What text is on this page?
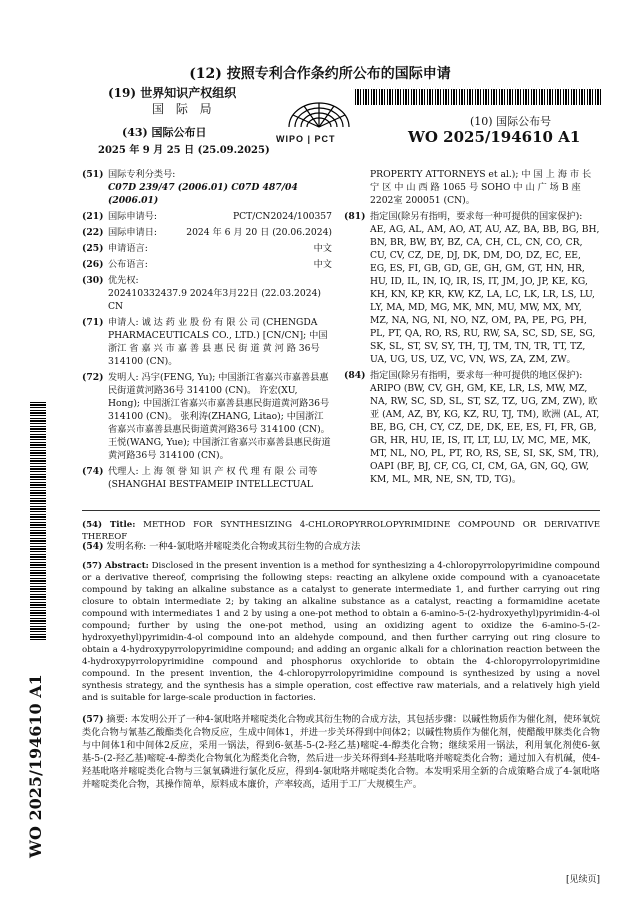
(12) 按照专利合作条约所公布的国际申请
(19) 世界知识产权组织
国 际 局
(43) 国际公布日
2025 年 9 月 25 日 (25.09.2025)
WIPO | PCT
(10) 国际公布号
WO 2025/194610 A1
WO 2025/194610 A1
(51) 国际专利分类号:
C07D 239/47 (2006.01) C07D 487/04 (2006.01)
(21) 国际申请号:	PCT/CN2024/100357
(22) 国际申请日:	2024 年 6 月 20 日 (20.06.2024)
(25) 申请语言:	中文
(26) 公布语言:	中文
(30) 优先权:
202410332437.9 2024年3月22日 (22.03.2024) CN
(71) 申请人: 诚 达 药 业 股 份 有 限 公 司 (CHENGDA PHARMACEUTICALS CO., LTD.) [CN/CN]; 中国浙江 省 嘉 兴 市 嘉 善 县 惠 民 街 道 黄 河 路 36号 314100 (CN)。
(72) 发明人: 冯宇(FENG, Yu); 中国浙江省嘉兴市嘉善县惠民街道黄河路36号 314100 (CN)。 许宏(XU, Hong); 中国浙江省嘉兴市嘉善县惠民街道黄河路36号 314100 (CN)。 张利涛(ZHANG, Litao); 中国浙江省嘉兴市嘉善县惠民街道黄河路36号 314100 (CN)。 王悦(WANG, Yue); 中国浙江省嘉兴市嘉善县惠民街道黄河路36号 314100 (CN)。
(74) 代理人: 上 海 领 誉 知 识 产 权 代 理 有 限 公 司等 (SHANGHAI BESTFAMEIP INTELLECTUAL
PROPERTY ATTORNEYS et al.); 中 国 上 海 市 长 宁 区 中 山 西 路 1065 号 SOHO 中 山 广 场 B 座2202室 200051 (CN)。
(81) 指定国(除另有指明，要求每一种可提供的国家保护): AE, AG, AL, AM, AO, AT, AU, AZ, BA, BB, BG, BH, BN, BR, BW, BY, BZ, CA, CH, CL, CN, CO, CR, CU, CV, CZ, DE, DJ, DK, DM, DO, DZ, EC, EE, EG, ES, FI, GB, GD, GE, GH, GM, GT, HN, HR, HU, ID, IL, IN, IQ, IR, IS, IT, JM, JO, JP, KE, KG, KH, KN, KP, KR, KW, KZ, LA, LC, LK, LR, LS, LU, LY, MA, MD, MG, MK, MN, MU, MW, MX, MY, MZ, NA, NG, NI, NO, NZ, OM, PA, PE, PG, PH, PL, PT, QA, RO, RS, RU, RW, SA, SC, SD, SE, SG, SK, SL, ST, SV, SY, TH, TJ, TM, TN, TR, TT, TZ, UA, UG, US, UZ, VC, VN, WS, ZA, ZM, ZW。
(84) 指定国(除另有指明，要求每一种可提供的地区保护): ARIPO (BW, CV, GH, GM, KE, LR, LS, MW, MZ, NA, RW, SC, SD, SL, ST, SZ, TZ, UG, ZM, ZW), 欧亚 (AM, AZ, BY, KG, KZ, RU, TJ, TM), 欧洲 (AL, AT, BE, BG, CH, CY, CZ, DE, DK, EE, ES, FI, FR, GB, GR, HR, HU, IE, IS, IT, LT, LU, LV, MC, ME, MK, MT, NL, NO, PL, PT, RO, RS, SE, SI, SK, SM, TR), OAPI (BF, BJ, CF, CG, CI, CM, GA, GN, GQ, GW, KM, ML, MR, NE, SN, TD, TG)。
(54) Title: METHOD FOR SYNTHESIZING 4-CHLOROPYRROLOPYRIMIDINE COMPOUND OR DERIVATIVE THEREOF
(54) 发明名称: 一种4-氯吡咯并嘧啶类化合物或其衍生物的合成方法
(57) Abstract: Disclosed in the present invention is a method for synthesizing a 4-chloropyrrolopyrimidine compound or a derivative thereof, comprising the following steps: reacting an alkylene oxide compound with a cyanoacetate compound by taking an alkaline substance as a catalyst to generate intermediate 1, and further carrying out ring closure to obtain intermediate 2; by taking an alkaline substance as a catalyst, reacting a formamidine acetate compound with intermediates 1 and 2 by using a one-pot method to obtain a 6-amino-5-(2-hydroxyethyl)pyrimidin-4-ol compound; further by using the one-pot method, using an oxidizing agent to oxidize the 6-amino-5-(2-hydroxyethyl)pyrimidin-4-ol compound into an aldehyde compound, and then further carrying out ring closure to obtain a 4-hydroxypyrrolopyrimidine compound; and adding an organic alkali for a chlorination reaction between the 4-hydroxypyrrolopyrimidine compound and phosphorus oxychloride to obtain the 4-chloropyrrolopyrimidine compound. In the present invention, the 4-chloropyrrolopyrimidine compound is synthesized by using a novel synthesis strategy, and the synthesis has a simple operation, cost effective raw materials, and a relatively high yield and is suitable for large-scale production in factories.
(57) 摘要: 本发明公开了一种4-氯吡咯并嘧啶类化合物或其衍生物的合成方法，其包括步骤：以碱性物质作为催化剂，使环氧烷类化合物与氰基乙酸酯类化合物反应，生成中间体1，并进一步关环得到中间体2；以碱性物质作为催化剂，使醋酸甲脒类化合物与中间体1和中间体2反应，采用一锅法，得到6-氨基-5-(2-羟乙基)嘧啶-4-醇类化合物；继续采用一锅法，利用氧化剂使6-氨基-5-(2-羟乙基)嘧啶-4-醇类化合物氧化为醛类化合物，然后进一步关环得到4-羟基吡咯并嘧啶类化合物；通过加入有机碱，使4-羟基吡咯并嘧啶类化合物与三氯氧磷进行氯化反应，得到4-氯吡咯并嘧啶类化合物。本发明采用全新的合成策略合成了4-氯吡咯并嘧啶类化合物，其操作简单，原料成本廉价，产率较高，适用于工厂大规模生产。
[见续页]
